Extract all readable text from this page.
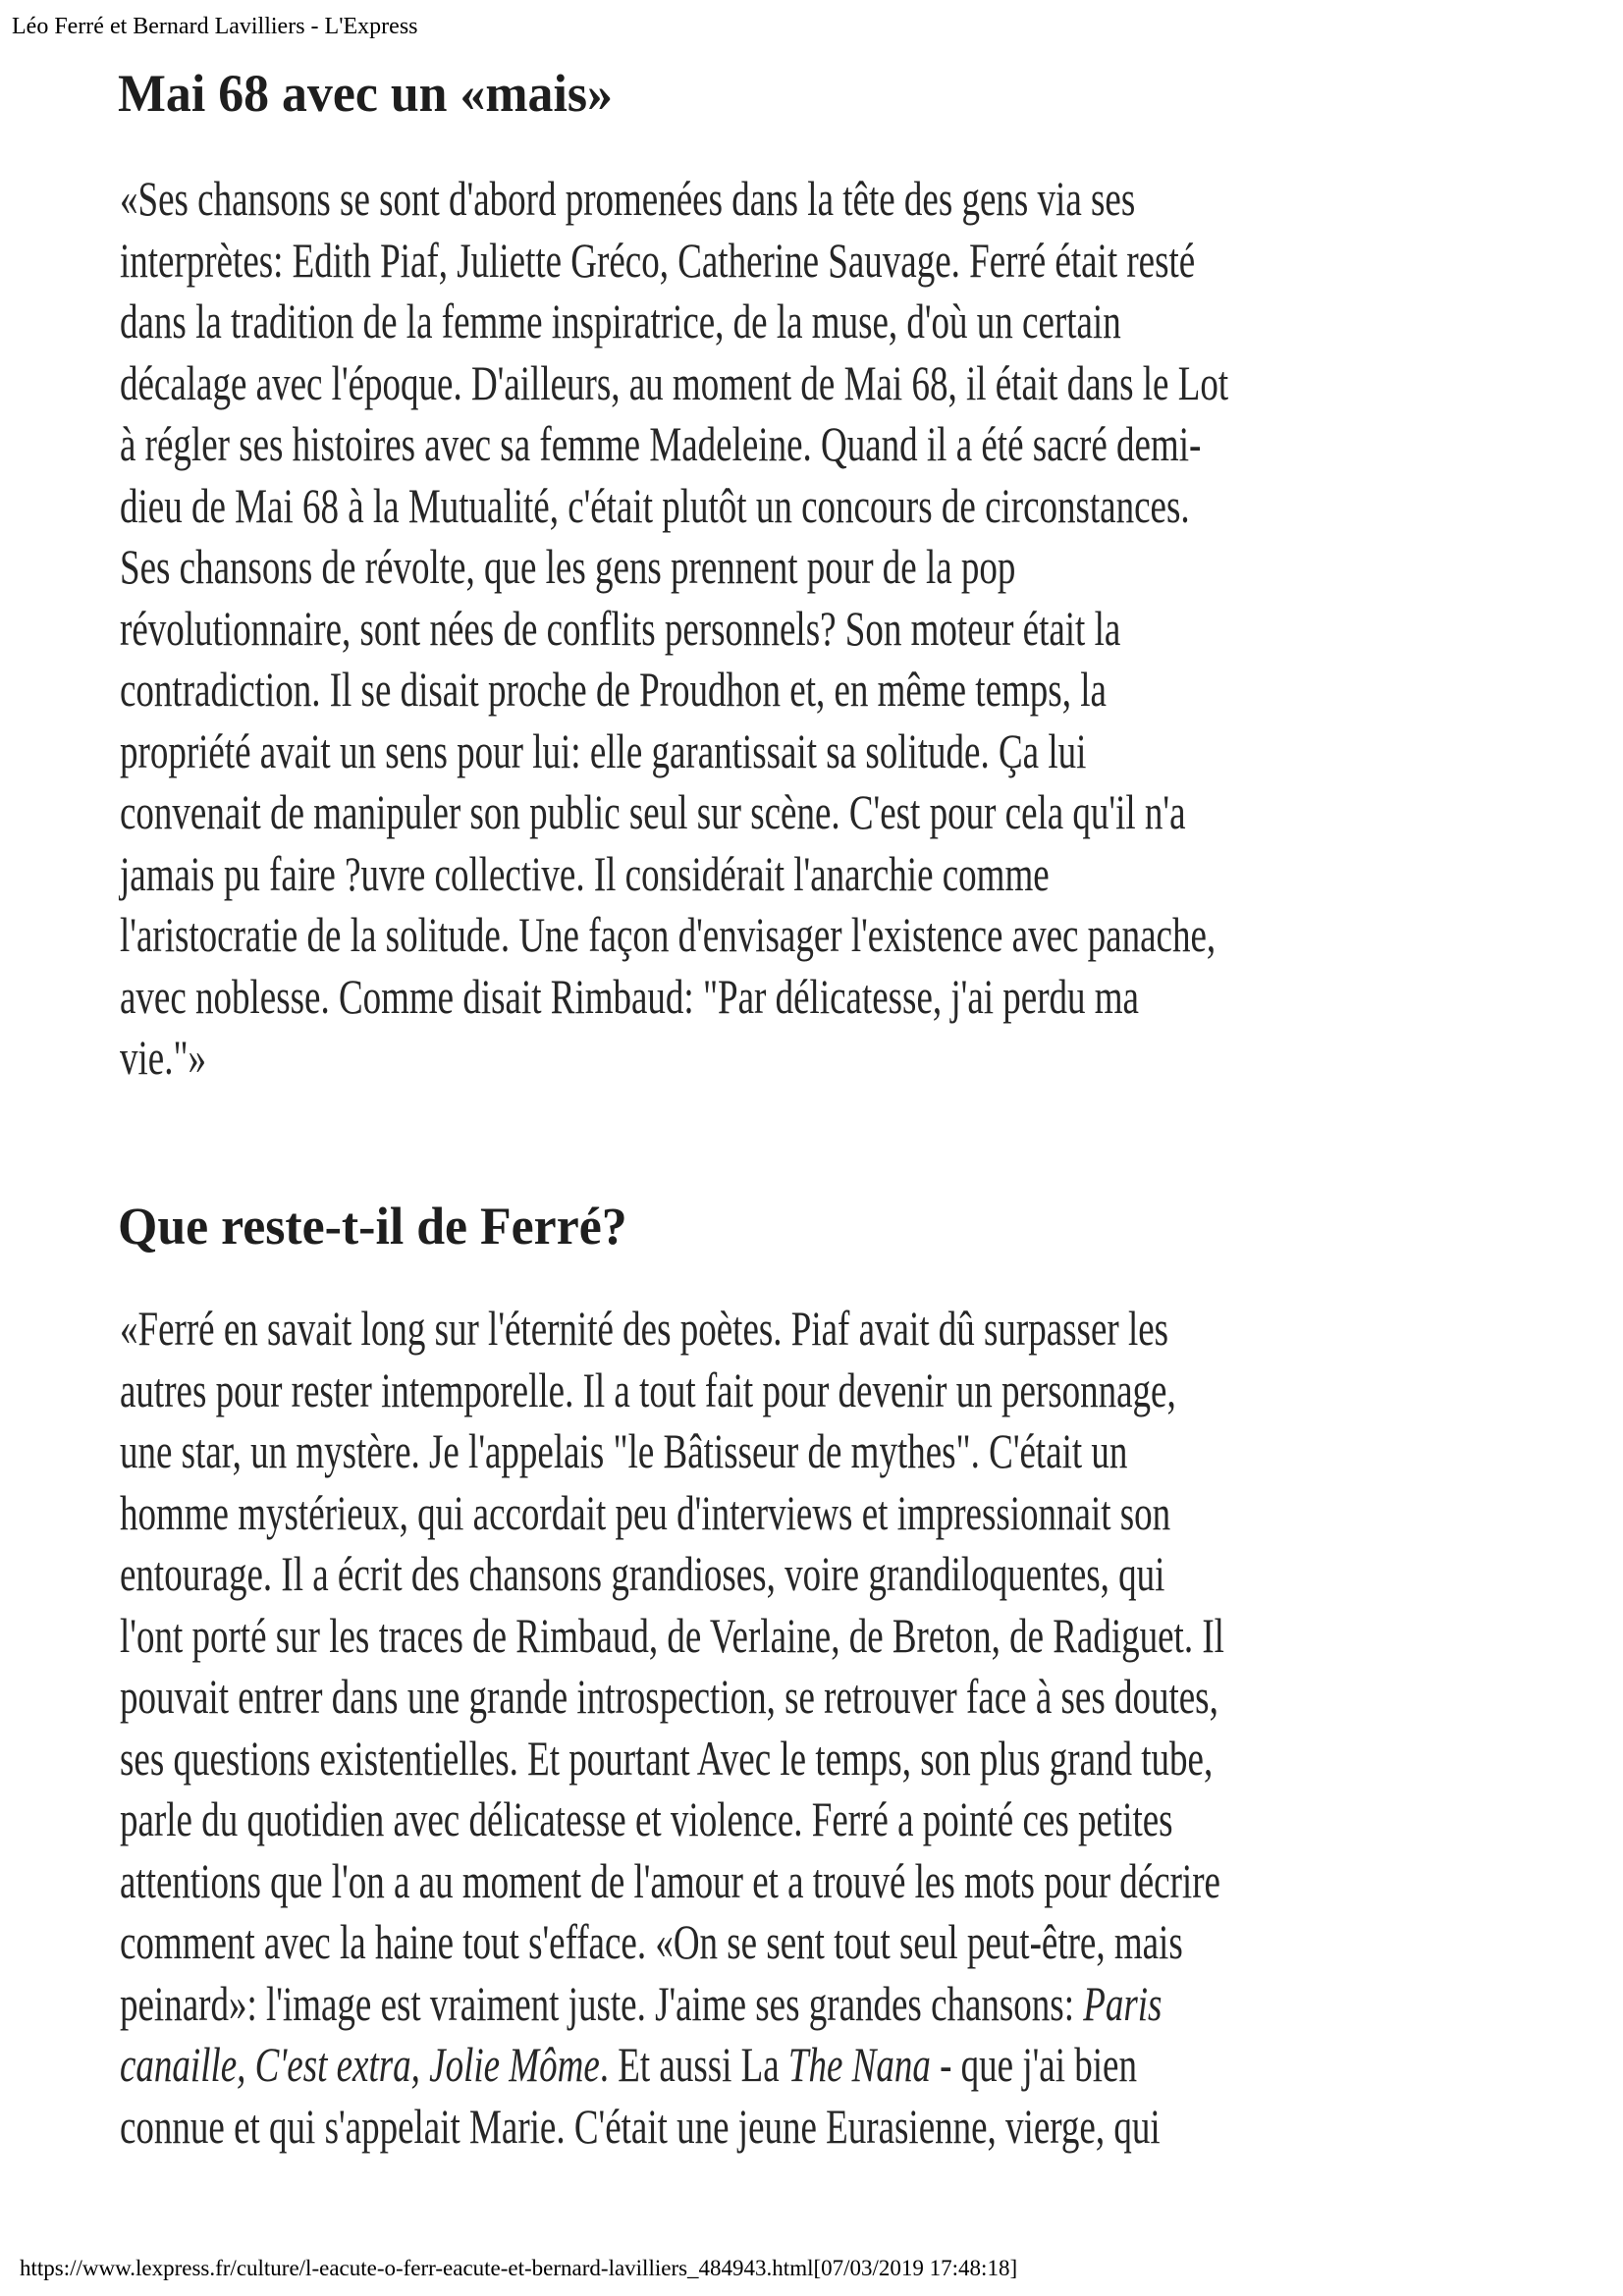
Léo Ferré et Bernard Lavilliers - L'Express
Mai 68 avec un «mais»
«Ses chansons se sont d'abord promenées dans la tête des gens via ses
interprètes: Edith Piaf, Juliette Gréco, Catherine Sauvage. Ferré était resté
dans la tradition de la femme inspiratrice, de la muse, d'où un certain
décalage avec l'époque. D'ailleurs, au moment de Mai 68, il était dans le Lot
à régler ses histoires avec sa femme Madeleine. Quand il a été sacré demi-
dieu de Mai 68 à la Mutualité, c'était plutôt un concours de circonstances.
Ses chansons de révolte, que les gens prennent pour de la pop
révolutionnaire, sont nées de conflits personnels? Son moteur était la
contradiction. Il se disait proche de Proudhon et, en même temps, la
propriété avait un sens pour lui: elle garantissait sa solitude. Ça lui
convenait de manipuler son public seul sur scène. C'est pour cela qu'il n'a
jamais pu faire ?uvre collective. Il considérait l'anarchie comme
l'aristocratie de la solitude. Une façon d'envisager l'existence avec panache,
avec noblesse. Comme disait Rimbaud: "Par délicatesse, j'ai perdu ma
vie."»
Que reste-t-il de Ferré?
«Ferré en savait long sur l'éternité des poètes. Piaf avait dû surpasser les
autres pour rester intemporelle. Il a tout fait pour devenir un personnage,
une star, un mystère. Je l'appelais "le Bâtisseur de mythes". C'était un
homme mystérieux, qui accordait peu d'interviews et impressionnait son
entourage. Il a écrit des chansons grandioses, voire grandiloquentes, qui
l'ont porté sur les traces de Rimbaud, de Verlaine, de Breton, de Radiguet. Il
pouvait entrer dans une grande introspection, se retrouver face à ses doutes,
ses questions existentielles. Et pourtant Avec le temps, son plus grand tube,
parle du quotidien avec délicatesse et violence. Ferré a pointé ces petites
attentions que l'on a au moment de l'amour et a trouvé les mots pour décrire
comment avec la haine tout s'efface. «On se sent tout seul peut-être, mais
peinard»: l'image est vraiment juste. J'aime ses grandes chansons: Paris
canaille, C'est extra, Jolie Môme. Et aussi La The Nana - que j'ai bien
connue et qui s'appelait Marie. C'était une jeune Eurasienne, vierge, qui
https://www.lexpress.fr/culture/l-eacute-o-ferr-eacute-et-bernard-lavilliers_484943.html[07/03/2019 17:48:18]
